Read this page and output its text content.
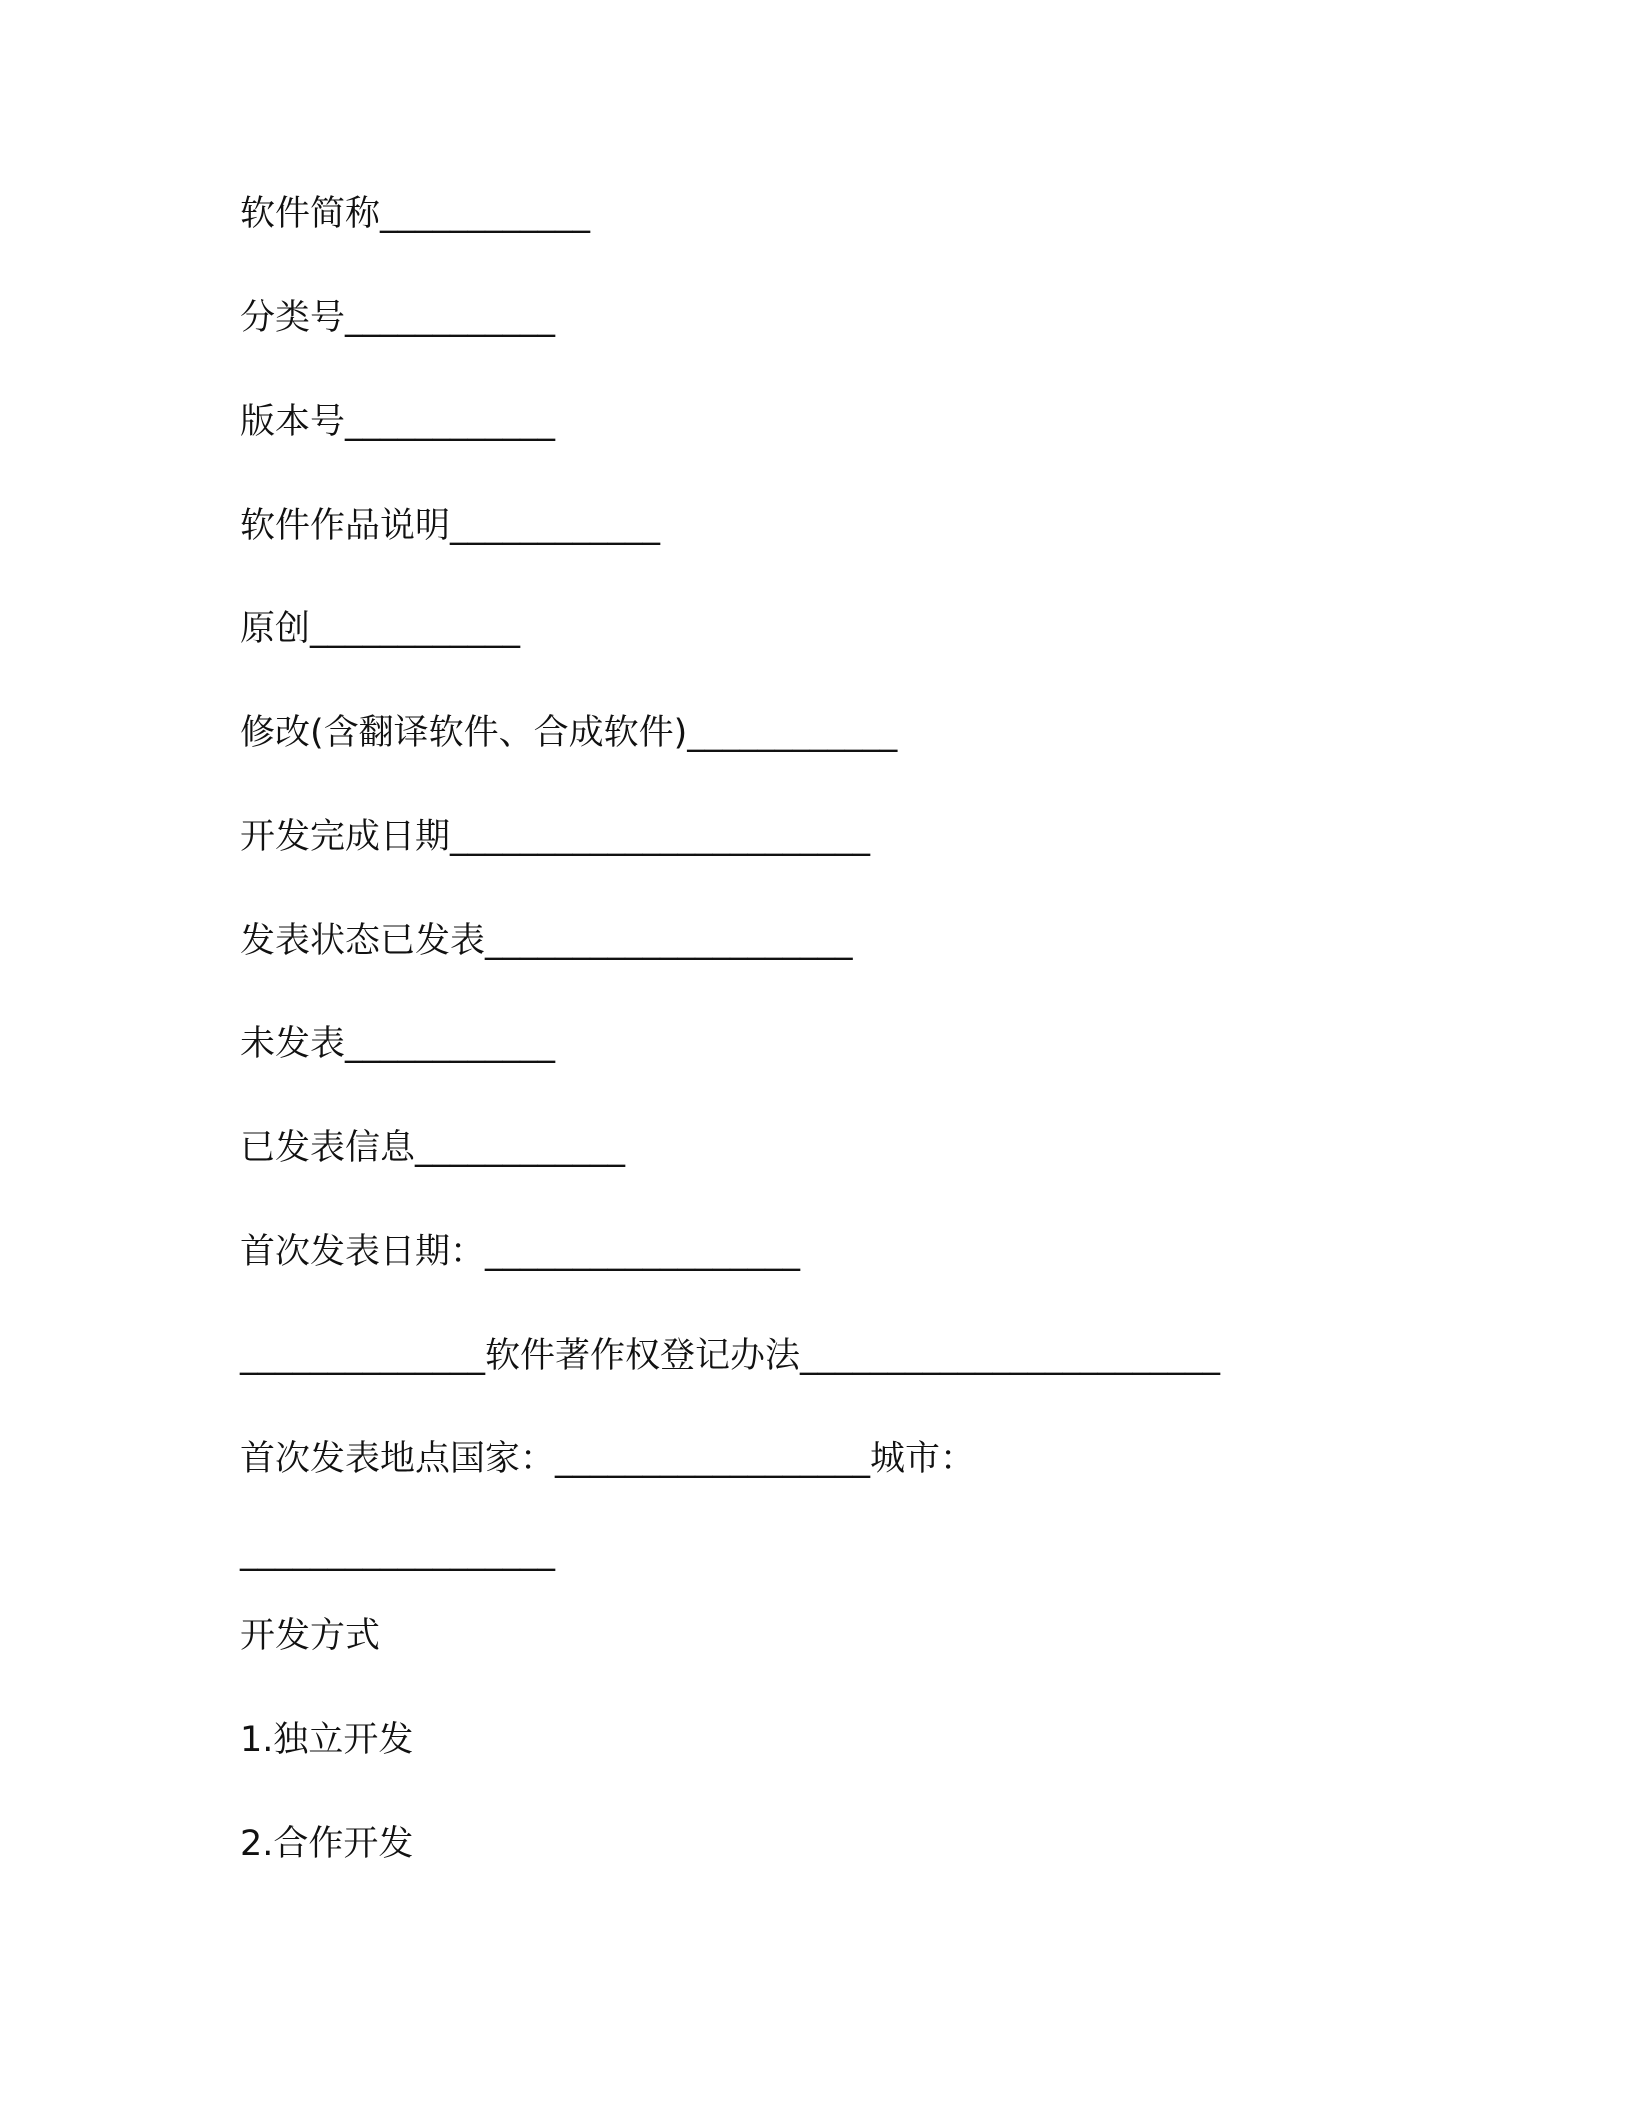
软件简称____________
分类号____________
版本号____________
软件作品说明____________
原创____________
修改(含翻译软件、合成软件)____________
开发完成日期________________________
发表状态已发表_____________________
未发表____________
已发表信息____________
首次发表日期：__________________
______________软件著作权登记办法________________________
首次发表地点国家：__________________城市：
__________________
开发方式
1.独立开发
2.合作开发
